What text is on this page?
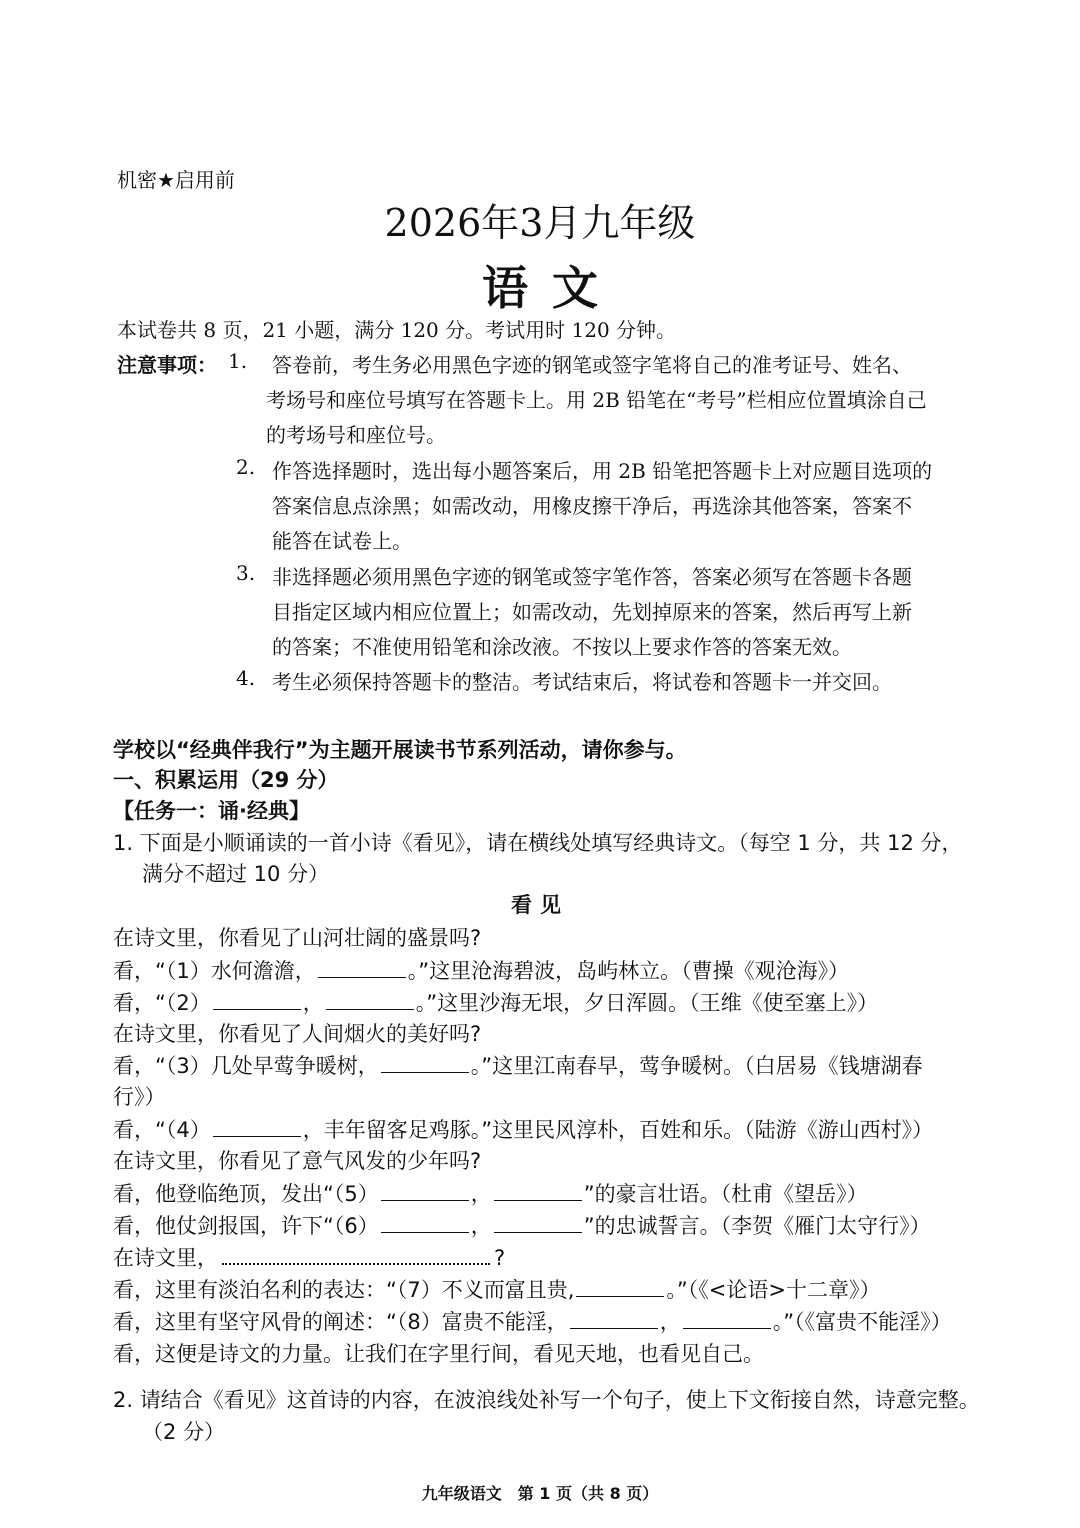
机密★启用前
2026年3月九年级
语文
本试卷共 8 页，21 小题，满分 120 分。考试用时 120 分钟。
注意事项： 1. 答卷前，考生务必用黑色字迹的钢笔或签字笔将自己的准考证号、姓名、
考场号和座位号填写在答题卡上。用 2B 铅笔在“考号”栏相应位置填涂自己
的考场号和座位号。
2. 作答选择题时，选出每小题答案后，用 2B 铅笔把答题卡上对应题目选项的
答案信息点涂黑；如需改动，用橡皮擦干净后，再选涂其他答案，答案不
能答在试卷上。
3. 非选择题必须用黑色字迹的钢笔或签字笔作答，答案必须写在答题卡各题
目指定区域内相应位置上；如需改动，先划掉原来的答案，然后再写上新
的答案；不准使用铅笔和涂改液。不按以上要求作答的答案无效。
4. 考生必须保持答题卡的整洁。考试结束后，将试卷和答题卡一并交回。
学校以“经典伴我行”为主题开展读书节系列活动，请你参与。
一、积累运用（29 分）
【任务一：诵·经典】
1. 下面是小顺诵读的一首小诗《看见》，请在横线处填写经典诗文。（每空 1 分，共 12 分，
满分不超过 10 分）
看见
在诗文里，你看见了山河壮阔的盛景吗?
看，“（1）水何澹澹，	。”这里沧海碧波，岛屿林立。（曹操《观沧海》）
看，“（2）	，	。”这里沙海无垠，夕日浑圆。（王维《使至塞上》）
在诗文里，你看见了人间烟火的美好吗?
看，“（3）几处早莺争暖树，	。”这里江南春早，莺争暖树。（白居易《钱塘湖春
行》）
看，“（4）	，丰年留客足鸡豚。”这里民风淳朴，百姓和乐。（陆游《游山西村》）
在诗文里，你看见了意气风发的少年吗?
看，他登临绝顶，发出“（5）	，	”的豪言壮语。（杜甫《望岳》）
看，他仗剑报国，许下“（6）	，	”的忠诚誓言。（李贺《雁门太守行》）
在诗文里，	?
看，这里有淡泊名利的表达：“（7）不义而富且贵,	。”（《<论语>十二章》）
看，这里有坚守风骨的阐述：“（8）富贵不能淫，	，	。”（《富贵不能淫》）
看，这便是诗文的力量。让我们在字里行间，看见天地，也看见自己。
2. 请结合《看见》这首诗的内容，在波浪线处补写一个句子，使上下文衔接自然，诗意完整。
（2 分）
九年级语文　第 1 页（共 8 页）
